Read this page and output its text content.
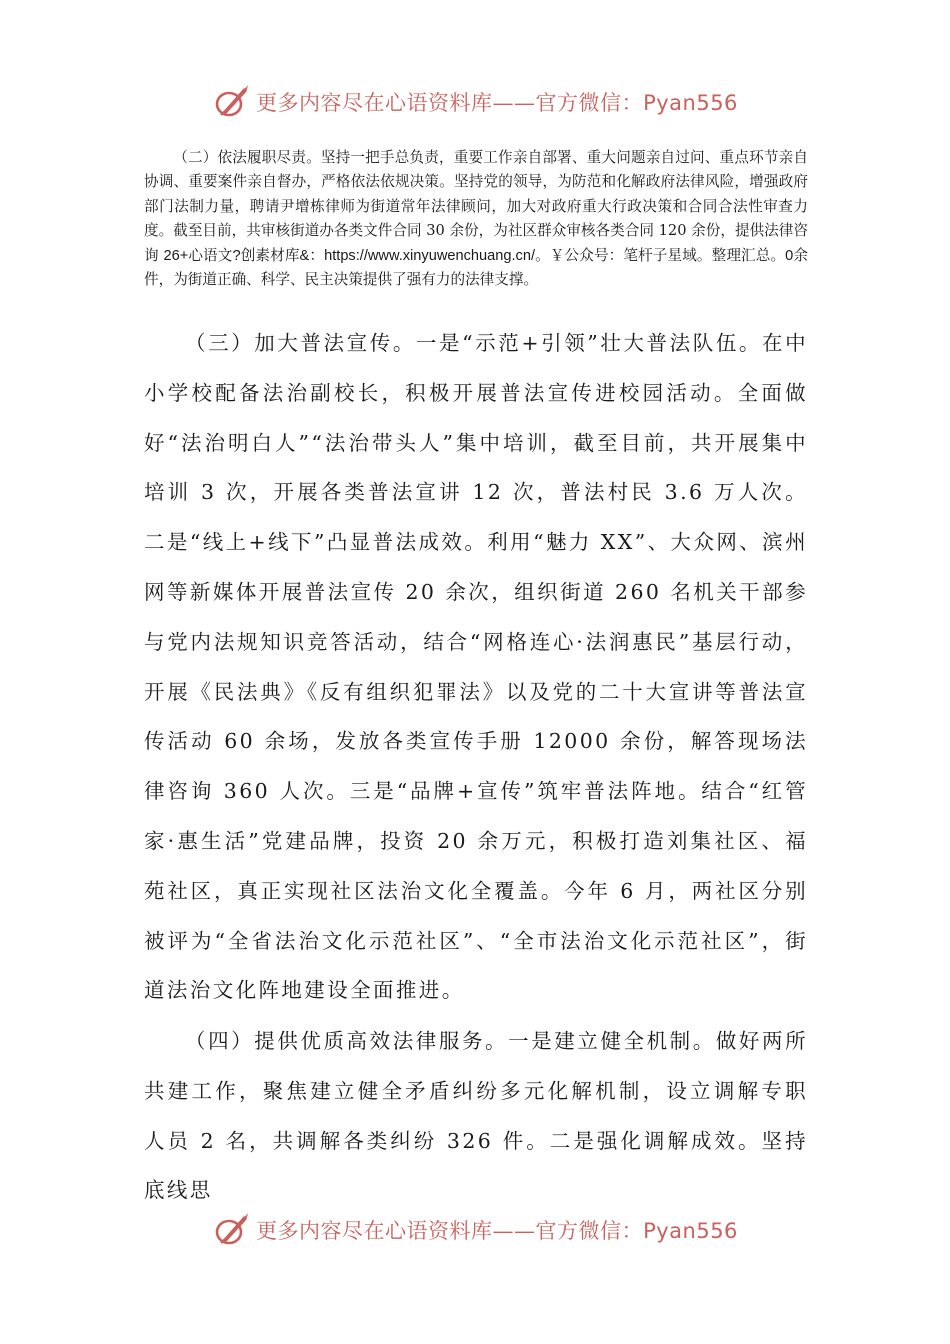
更多内容尽在心语资料库——官方微信：Pyan556

（二）依法履职尽责。坚持一把手总负责，重要工作亲自部署、重大问题亲自过问、重点环节亲自协调、重要案件亲自督办，严格依法依规决策。坚持党的领导，为防范和化解政府法律风险，增强政府部门法制力量，聘请尹增栋律师为街道常年法律顾问，加大对政府重大行政决策和合同合法性审查力度。截至目前，共审核街道办各类文件合同 30 余份，为社区群众审核各类合同 120 余份，提供法律咨询 26+心语文?创素材库&：https://www.xinyuwenchuang.cn/。￥公众号：笔杆子星域。整理汇总。0余件，为街道正确、科学、民主决策提供了强有力的法律支撑。

（三）加大普法宣传。一是“示范+引领”壮大普法队伍。在中小学校配备法治副校长，积极开展普法宣传进校园活动。全面做好“法治明白人”“法治带头人”集中培训，截至目前，共开展集中培训 3 次，开展各类普法宣讲 12 次，普法村民 3.6 万人次。二是“线上+线下”凸显普法成效。利用“魅力 XX”、大众网、滨州网等新媒体开展普法宣传 20 余次，组织街道 260 名机关干部参与党内法规知识竞答活动，结合“网格连心·法润惠民”基层行动，开展《民法典》《反有组织犯罪法》以及党的二十大宣讲等普法宣传活动 60 余场，发放各类宣传手册 12000 余份，解答现场法律咨询 360 人次。三是“品牌+宣传”筑牢普法阵地。结合“红管家·惠生活”党建品牌，投资 20 余万元，积极打造刘集社区、福苑社区，真正实现社区法治文化全覆盖。今年 6 月，两社区分别被评为“全省法治文化示范社区”、“全市法治文化示范社区”，街道法治文化阵地建设全面推进。

（四）提供优质高效法律服务。一是建立健全机制。做好两所共建工作，聚焦建立健全矛盾纠纷多元化解机制，设立调解专职人员 2 名，共调解各类纠纷 326 件。二是强化调解成效。坚持底线思

更多内容尽在心语资料库——官方微信：Pyan556
